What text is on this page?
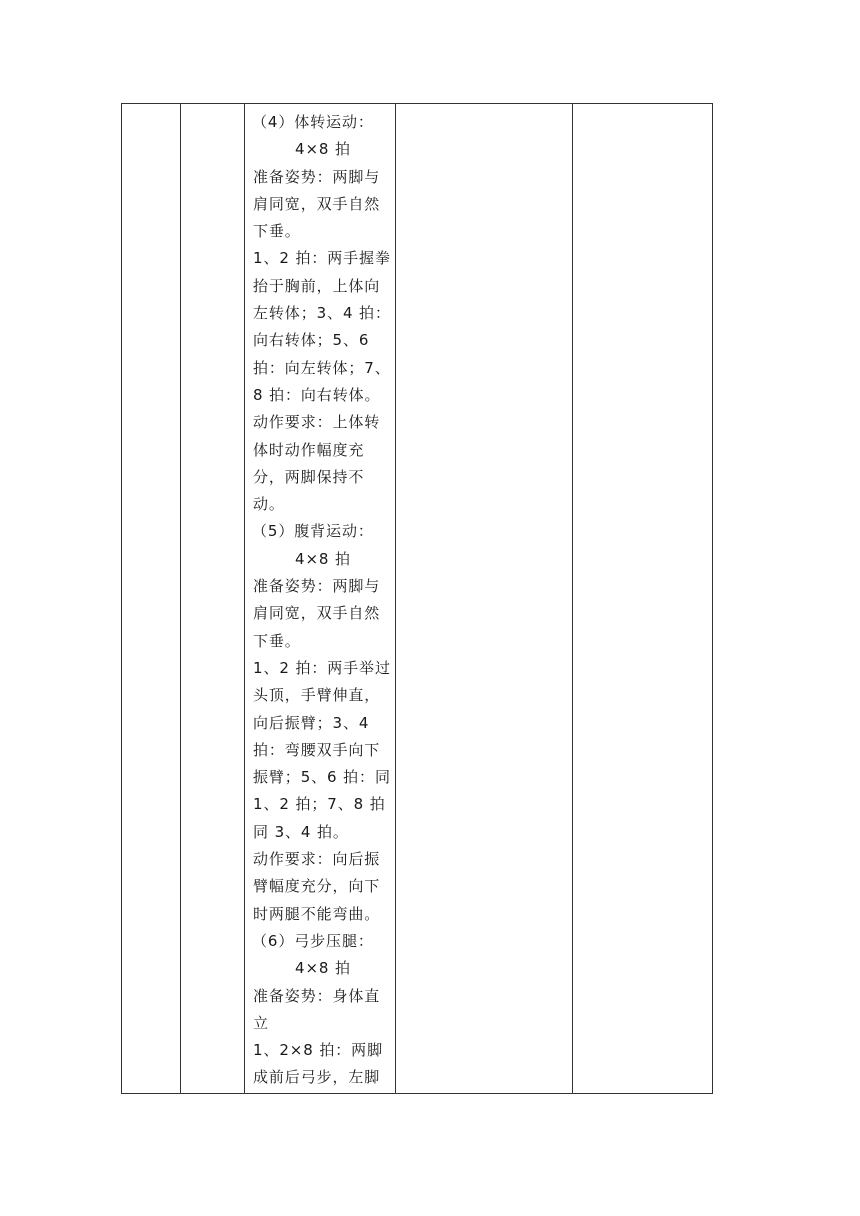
（4）体转运动：
4×8 拍
准备姿势：两脚与
肩同宽，双手自然
下垂。
1、2 拍：两手握拳
抬于胸前，上体向
左转体；3、4 拍：
向右转体；5、6
拍：向左转体；7、
8 拍：向右转体。
动作要求：上体转
体时动作幅度充
分，两脚保持不
动。
（5）腹背运动：
4×8 拍
准备姿势：两脚与
肩同宽，双手自然
下垂。
1、2 拍：两手举过
头顶，手臂伸直，
向后振臂；3、4
拍：弯腰双手向下
振臂；5、6 拍：同
1、2 拍；7、8 拍
同 3、4 拍。
动作要求：向后振
臂幅度充分，向下
时两腿不能弯曲。
（6）弓步压腿：
4×8 拍
准备姿势：身体直
立
1、2×8 拍：两脚
成前后弓步，左脚
